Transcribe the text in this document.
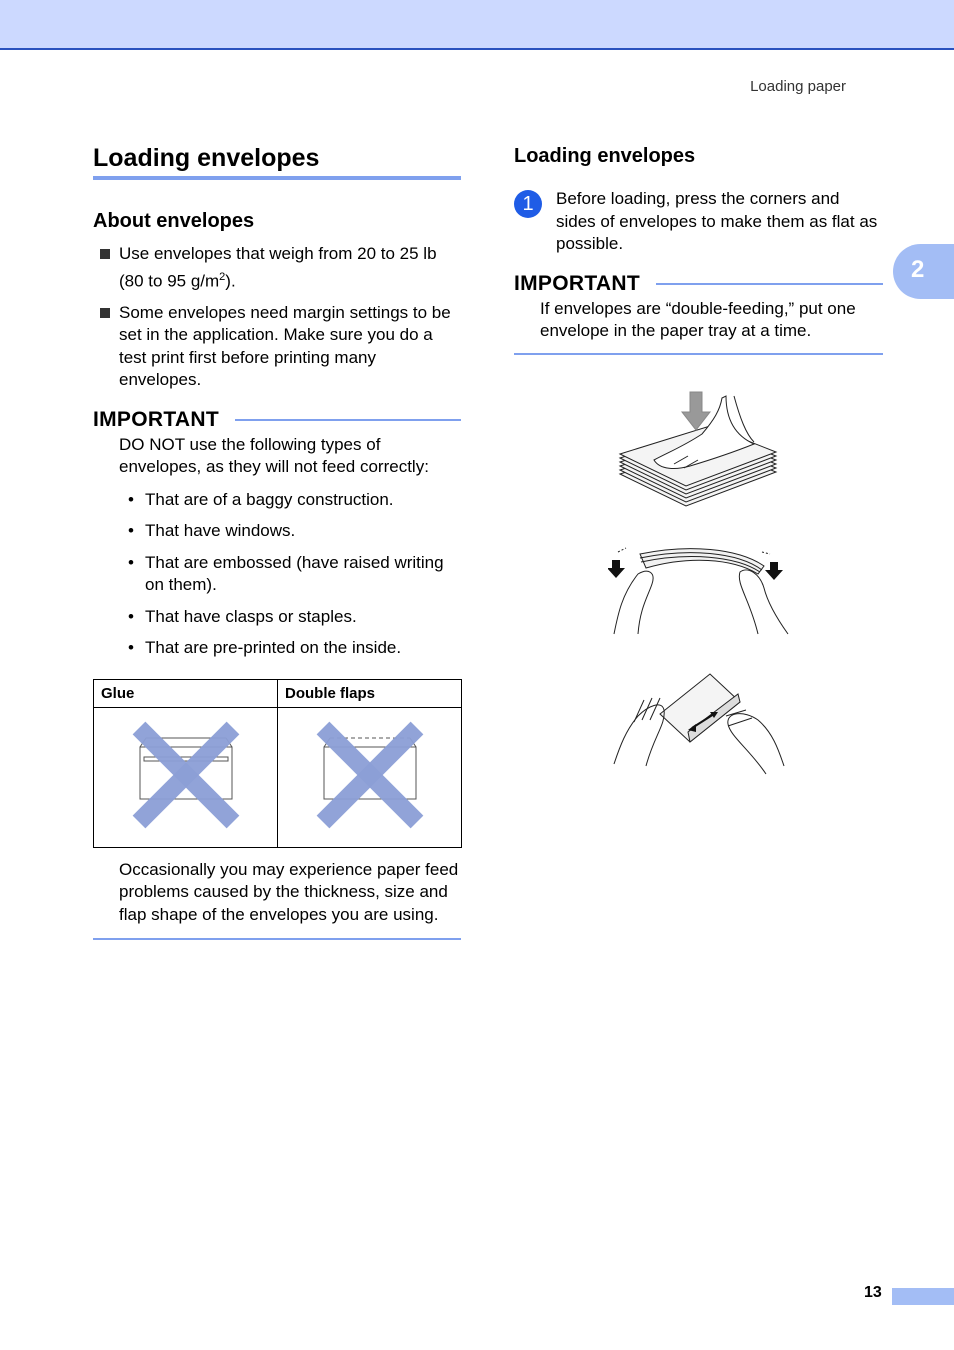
Loading paper
2
Loading envelopes
About envelopes
Use envelopes that weigh from 20 to 25 lb (80 to 95 $g/m^2$).
Some envelopes need margin settings to be set in the application. Make sure you do a test print first before printing many envelopes.
IMPORTANT
DO NOT use the following types of envelopes, as they will not feed correctly:
• That are of a baggy construction.
• That have windows.
• That are embossed (have raised writing on them).
• That have clasps or staples.
• That are pre-printed on the inside.
Glue	Double flaps

Occasionally you may experience paper feed problems caused by the thickness, size and flap shape of the envelopes you are using.
Loading envelopes
1	Before loading, press the corners and sides of envelopes to make them as flat as possible.
IMPORTANT
If envelopes are “double-feeding,” put one envelope in the paper tray at a time.
13
